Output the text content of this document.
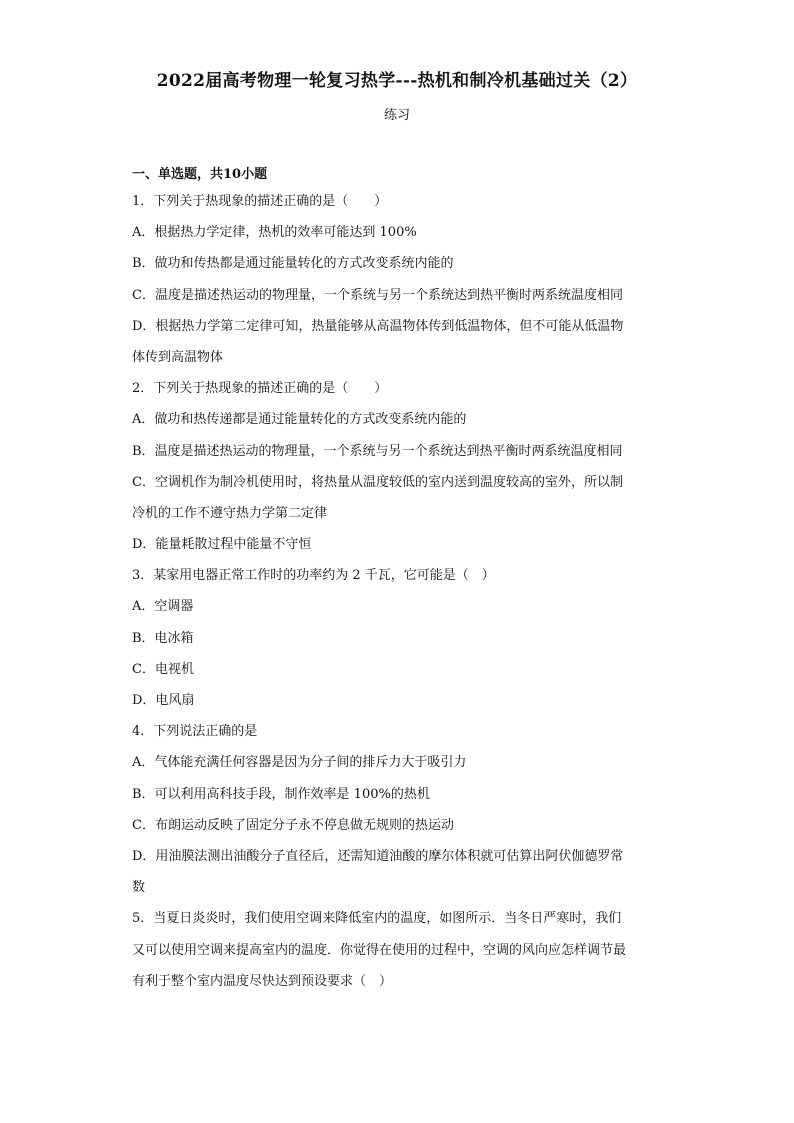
2022届高考物理一轮复习热学---热机和制冷机基础过关（2）
练习
一、单选题，共10小题
1．下列关于热现象的描述正确的是（　　）
A．根据热力学定律，热机的效率可能达到 100%
B．做功和传热都是通过能量转化的方式改变系统内能的
C．温度是描述热运动的物理量，一个系统与另一个系统达到热平衡时两系统温度相同
D．根据热力学第二定律可知，热量能够从高温物体传到低温物体，但不可能从低温物
体传到高温物体
2．下列关于热现象的描述正确的是（　　）
A．做功和热传递都是通过能量转化的方式改变系统内能的
B．温度是描述热运动的物理量，一个系统与另一个系统达到热平衡时两系统温度相同
C．空调机作为制冷机使用时，将热量从温度较低的室内送到温度较高的室外，所以制
冷机的工作不遵守热力学第二定律
D．能量耗散过程中能量不守恒
3．某家用电器正常工作时的功率约为 2 千瓦，它可能是（　）
A．空调器
B．电冰箱
C．电视机
D．电风扇
4．下列说法正确的是
A．气体能充满任何容器是因为分子间的排斥力大于吸引力
B．可以利用高科技手段，制作效率是 100%的热机
C．布朗运动反映了固定分子永不停息做无规则的热运动
D．用油膜法测出油酸分子直径后，还需知道油酸的摩尔体积就可估算出阿伏伽德罗常
数
5．当夏日炎炎时，我们使用空调来降低室内的温度，如图所示．当冬日严寒时，我们
又可以使用空调来提高室内的温度．你觉得在使用的过程中，空调的风向应怎样调节最
有利于整个室内温度尽快达到预设要求（　）
